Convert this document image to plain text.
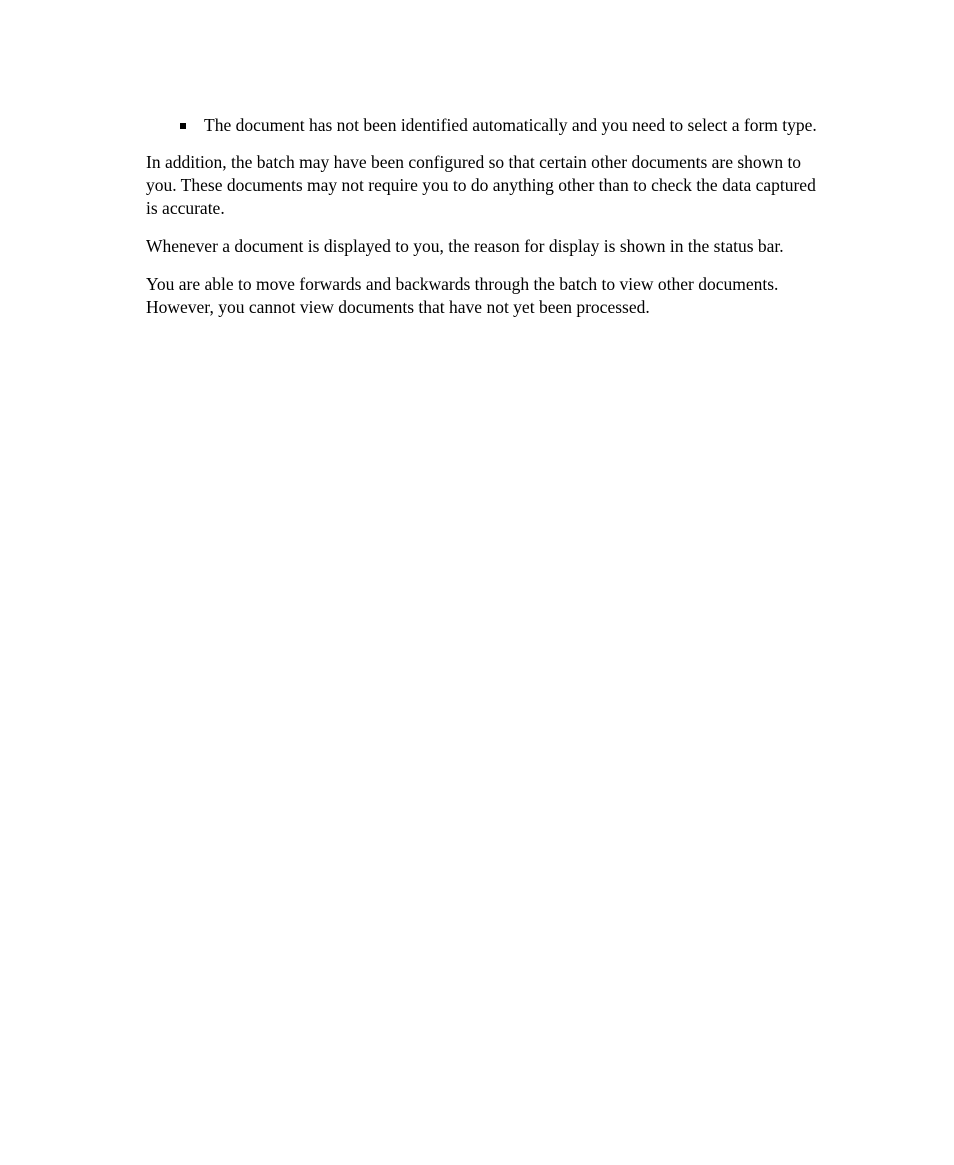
The document has not been identified automatically and you need to select a form type.

In addition, the batch may have been configured so that certain other documents are shown to you. These documents may not require you to do anything other than to check the data captured is accurate.

Whenever a document is displayed to you, the reason for display is shown in the status bar.

You are able to move forwards and backwards through the batch to view other documents. However, you cannot view documents that have not yet been processed.
